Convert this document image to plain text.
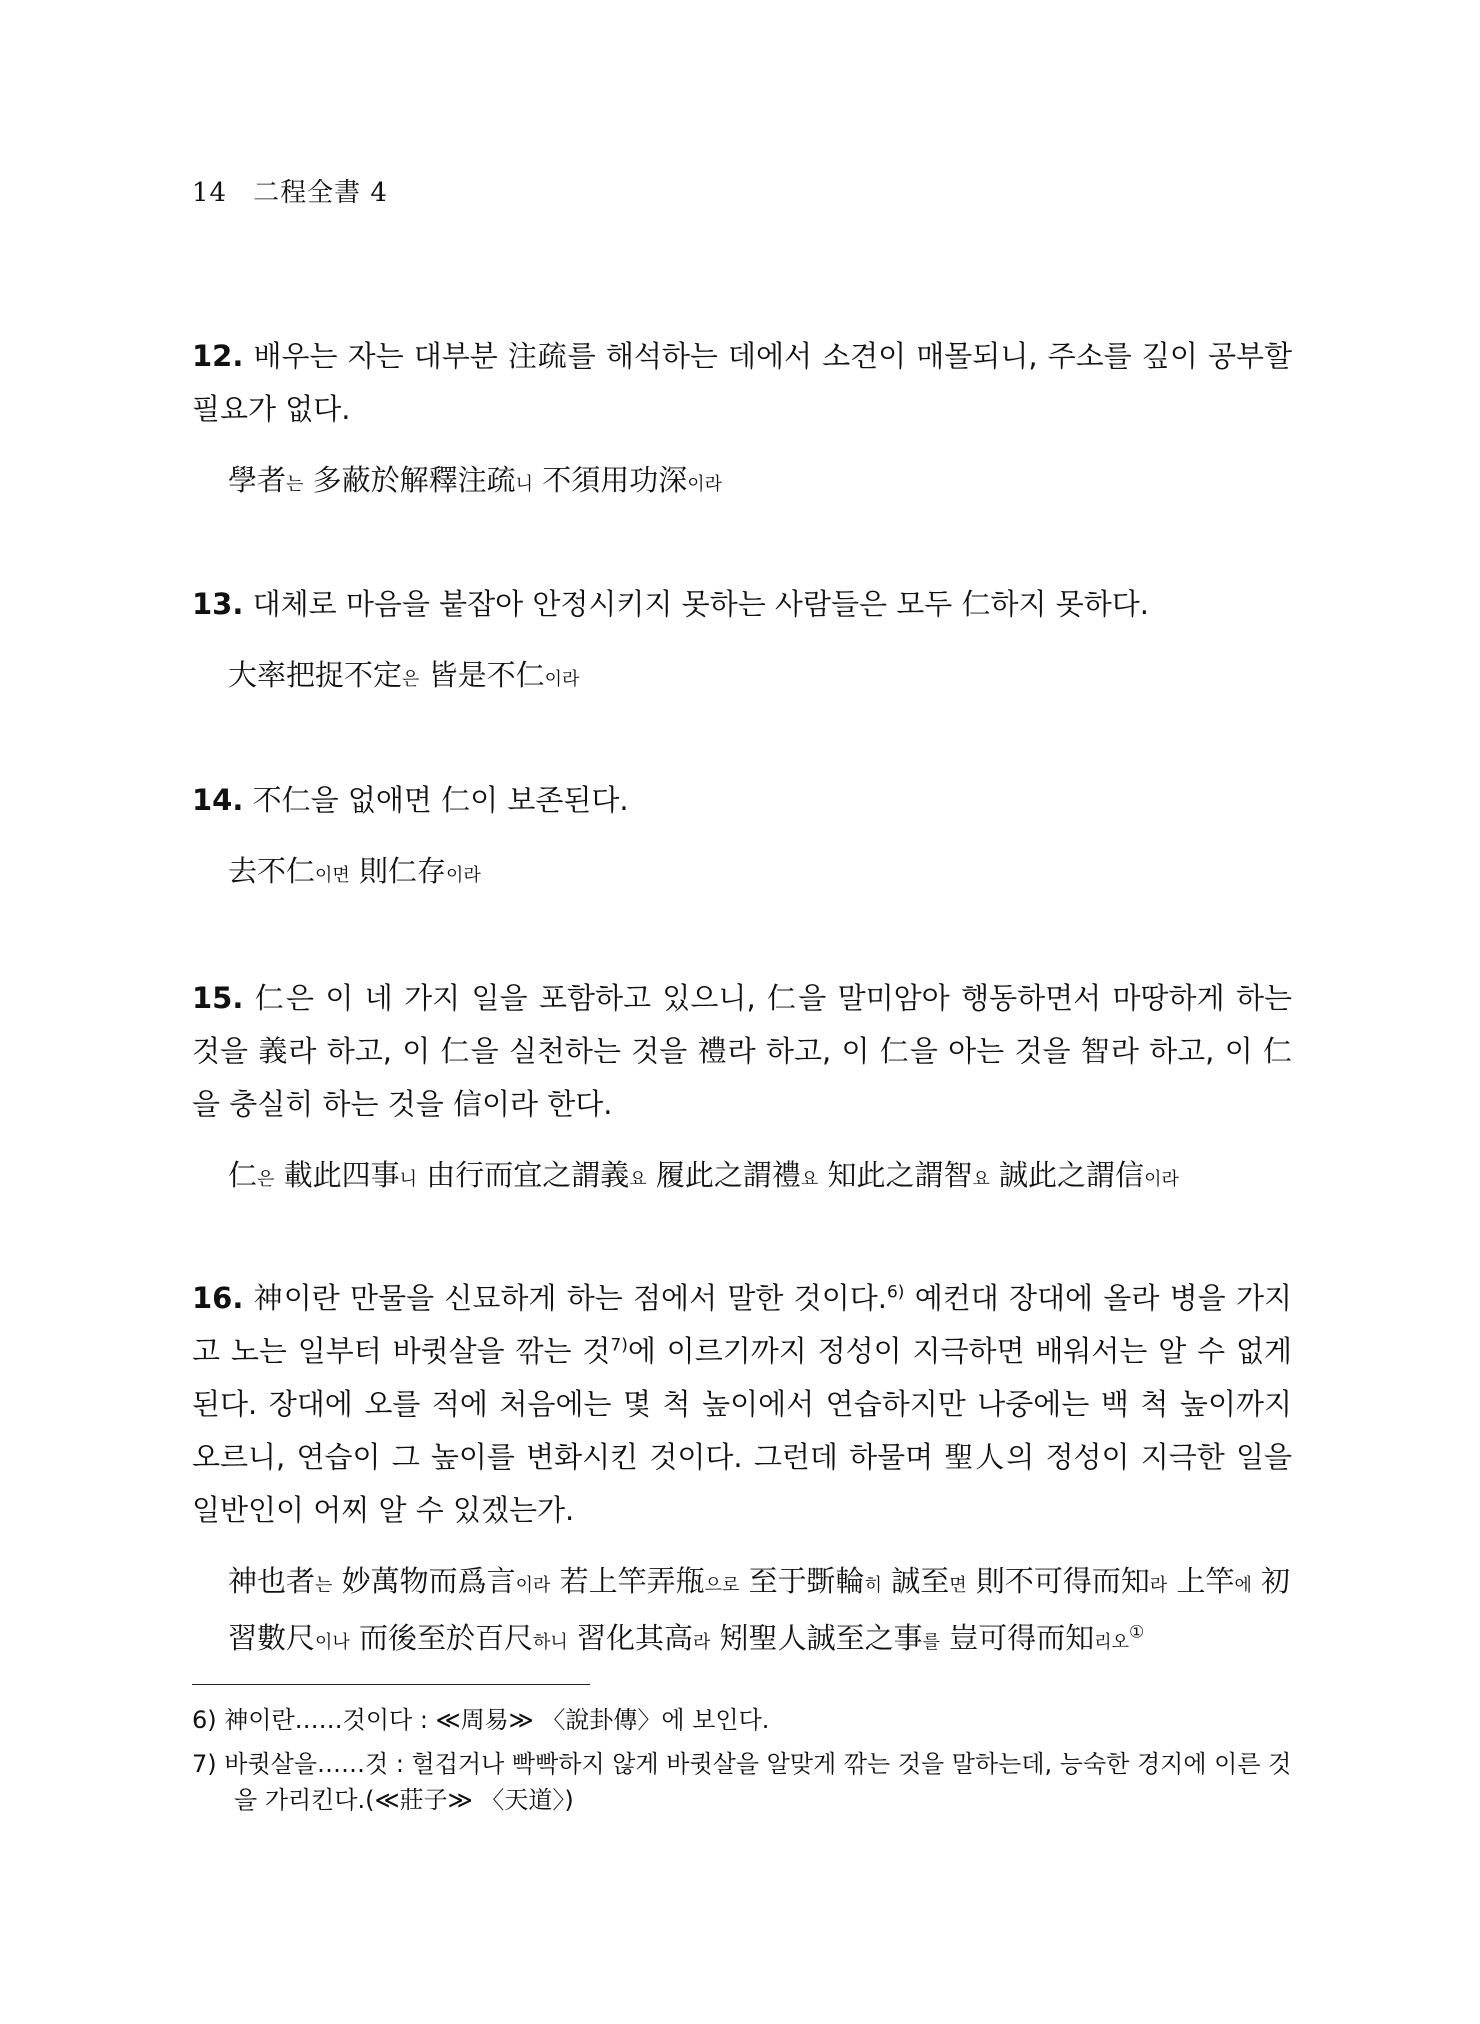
14 二程全書 4

12. 배우는 자는 대부분 注疏를 해석하는 데에서 소견이 매몰되니, 주소를 깊이 공부할 필요가 없다.

學者는 多蔽於解釋注疏니 不須用功深이라

13. 대체로 마음을 붙잡아 안정시키지 못하는 사람들은 모두 仁하지 못하다.

大率把捉不定은 皆是不仁이라

14. 不仁을 없애면 仁이 보존된다.

去不仁이면 則仁存이라

15. 仁은 이 네 가지 일을 포함하고 있으니, 仁을 말미암아 행동하면서 마땅하게 하는 것을 義라 하고, 이 仁을 실천하는 것을 禮라 하고, 이 仁을 아는 것을 智라 하고, 이 仁을 충실히 하는 것을 信이라 한다.

仁은 載此四事니 由行而宜之謂義요 履此之謂禮요 知此之謂智요 誠此之謂信이라

16. 神이란 만물을 신묘하게 하는 점에서 말한 것이다.$^{6)}$ 예컨대 장대에 올라 병을 가지고 노는 일부터 바큇살을 깎는 것$^{7)}$에 이르기까지 정성이 지극하면 배워서는 알 수 없게 된다. 장대에 오를 적에 처음에는 몇 척 높이에서 연습하지만 나중에는 백 척 높이까지 오르니, 연습이 그 높이를 변화시킨 것이다. 그런데 하물며 聖人의 정성이 지극한 일을 일반인이 어찌 알 수 있겠는가.

神也者는 妙萬物而爲言이라 若上竿弄甁으로 至于斲輪히 誠至면 則不可得而知라 上竿에 初習數尺이나 而後至於百尺하니 習化其高라 矧聖人誠至之事를 豈可得而知리오①

6) 神이란……것이다 : ≪周易≫ 〈說卦傳〉에 보인다.

7) 바큇살을……것 : 헐겁거나 빡빡하지 않게 바큇살을 알맞게 깎는 것을 말하는데, 능숙한 경지에 이른 것을 가리킨다.(≪莊子≫ 〈天道〉)
